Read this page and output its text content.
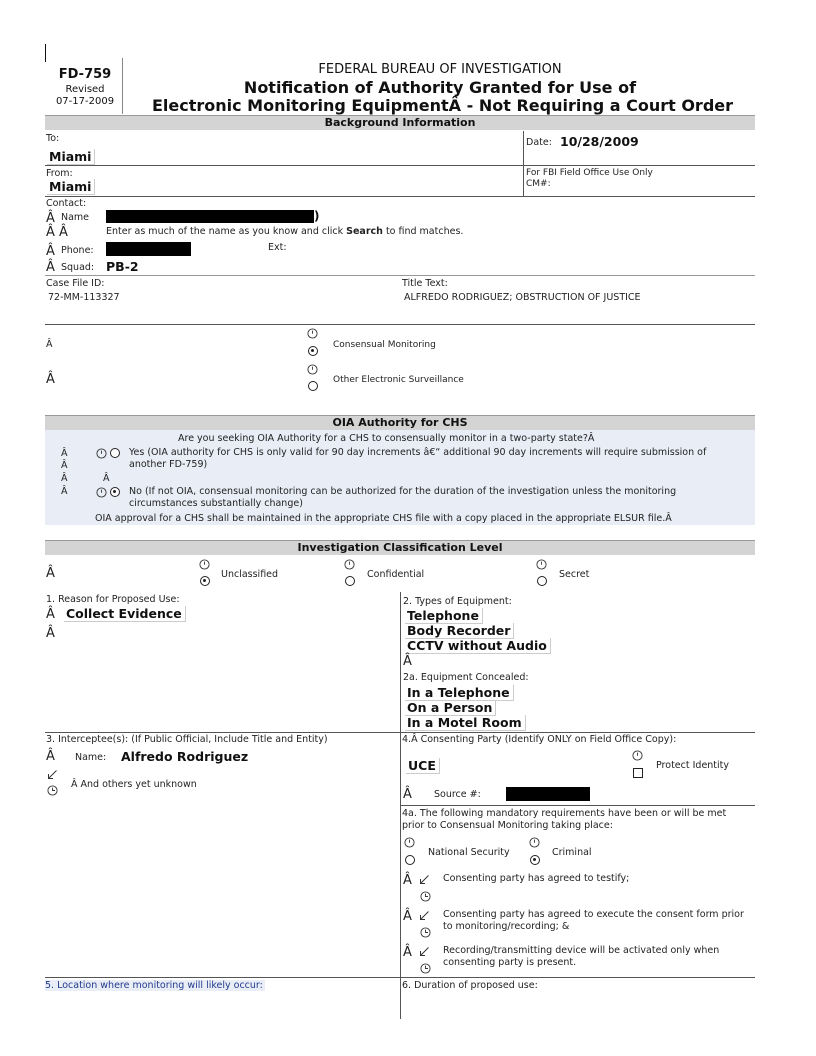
FD-759
Revised
07-17-2009
FEDERAL BUREAU OF INVESTIGATION
Notification of Authority Granted for Use of
Electronic Monitoring EquipmentÂ - Not Requiring a Court Order
Background Information
To:
Miami
Date: 10/28/2009
From:
Miami
For FBI Field Office Use Only
CM#:
Contact:
Â Name	)
Â Â	Enter as much of the name as you know and click Search to find matches.
Â Phone:	Ext:
Â Squad: PB-2
Case File ID:
72-MM-113327
Title Text:
ALFREDO RODRIGUEZ; OBSTRUCTION OF JUSTICE
Â	Consensual Monitoring
Â	Other Electronic Surveillance
OIA Authority for CHS
Are you seeking OIA Authority for a CHS to consensually monitor in a two-party state?Â
Â
Â
Â
Â
Yes (OIA authority for CHS is only valid for 90 day increments â€“ additional 90 day increments will require submission of
another FD-759)
Â
No (If not OIA, consensual monitoring can be authorized for the duration of the investigation unless the monitoring
circumstances substantially change)
OIA approval for a CHS shall be maintained in the appropriate CHS file with a copy placed in the appropriate ELSUR file.Â
Investigation Classification Level
Â	Unclassified	Confidential	Secret
1. Reason for Proposed Use:
Â Collect Evidence
Â
2. Types of Equipment:
Telephone
Body Recorder
CCTV without Audio
Â
2a. Equipment Concealed:
In a Telephone
On a Person
In a Motel Room
3. Interceptee(s): (If Public Official, Include Title and Entity)
Â Name: Alfredo Rodriguez
Â And others yet unknown
4.Â Consenting Party (Identify ONLY on Field Office Copy):
UCE	Protect Identity
Â Source #:
4a. The following mandatory requirements have been or will be met
prior to Consensual Monitoring taking place:
National Security	Criminal
Â	Consenting party has agreed to testify;
Â	Consenting party has agreed to execute the consent form prior
to monitoring/recording; &
Â	Recording/transmitting device will be activated only when
consenting party is present.
5. Location where monitoring will likely occur:	6. Duration of proposed use:
